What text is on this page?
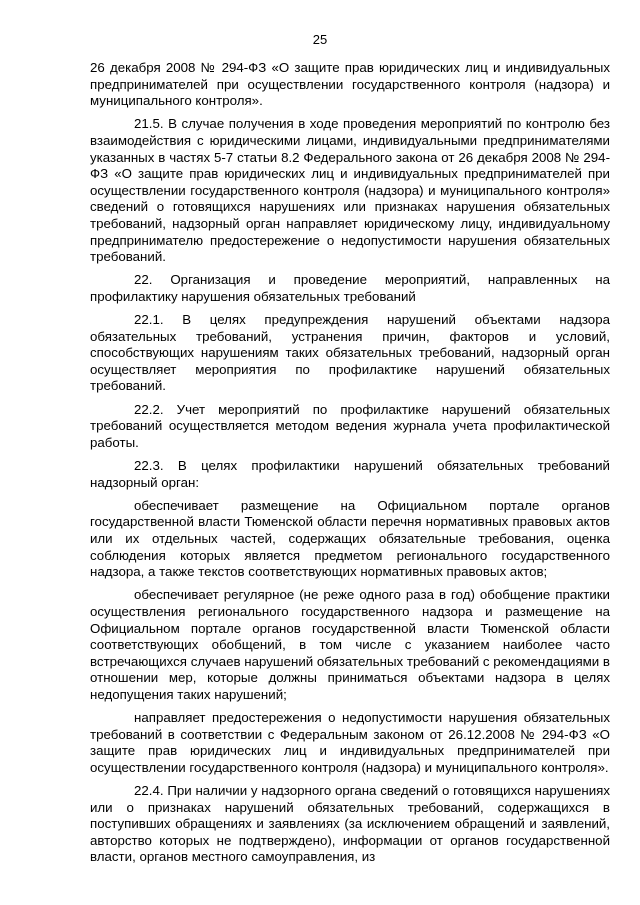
25

26 декабря 2008 № 294-ФЗ «О защите прав юридических лиц и индивидуальных предпринимателей при осуществлении государственного контроля (надзора) и муниципального контроля».

21.5. В случае получения в ходе проведения мероприятий по контролю без взаимодействия с юридическими лицами, индивидуальными предпринимателями указанных в частях 5-7 статьи 8.2 Федерального закона от 26 декабря 2008 № 294-ФЗ «О защите прав юридических лиц и индивидуальных предпринимателей при осуществлении государственного контроля (надзора) и муниципального контроля» сведений о готовящихся нарушениях или признаках нарушения обязательных требований, надзорный орган направляет юридическому лицу, индивидуальному предпринимателю предостережение о недопустимости нарушения обязательных требований.

22. Организация и проведение мероприятий, направленных на профилактику нарушения обязательных требований

22.1. В целях предупреждения нарушений объектами надзора обязательных требований, устранения причин, факторов и условий, способствующих нарушениям таких обязательных требований, надзорный орган осуществляет мероприятия по профилактике нарушений обязательных требований.

22.2. Учет мероприятий по профилактике нарушений обязательных требований осуществляется методом ведения журнала учета профилактической работы.

22.3. В целях профилактики нарушений обязательных требований надзорный орган:

обеспечивает размещение на Официальном портале органов государственной власти Тюменской области перечня нормативных правовых актов или их отдельных частей, содержащих обязательные требования, оценка соблюдения которых является предметом регионального государственного надзора, а также текстов соответствующих нормативных правовых актов;

обеспечивает регулярное (не реже одного раза в год) обобщение практики осуществления регионального государственного надзора и размещение на Официальном портале органов государственной власти Тюменской области соответствующих обобщений, в том числе с указанием наиболее часто встречающихся случаев нарушений обязательных требований с рекомендациями в отношении мер, которые должны приниматься объектами надзора в целях недопущения таких нарушений;

направляет предостережения о недопустимости нарушения обязательных требований в соответствии с Федеральным законом от 26.12.2008 № 294-ФЗ «О защите прав юридических лиц и индивидуальных предпринимателей при осуществлении государственного контроля (надзора) и муниципального контроля».

22.4. При наличии у надзорного органа сведений о готовящихся нарушениях или о признаках нарушений обязательных требований, содержащихся в поступивших обращениях и заявлениях (за исключением обращений и заявлений, авторство которых не подтверждено), информации от органов государственной власти, органов местного самоуправления, из
